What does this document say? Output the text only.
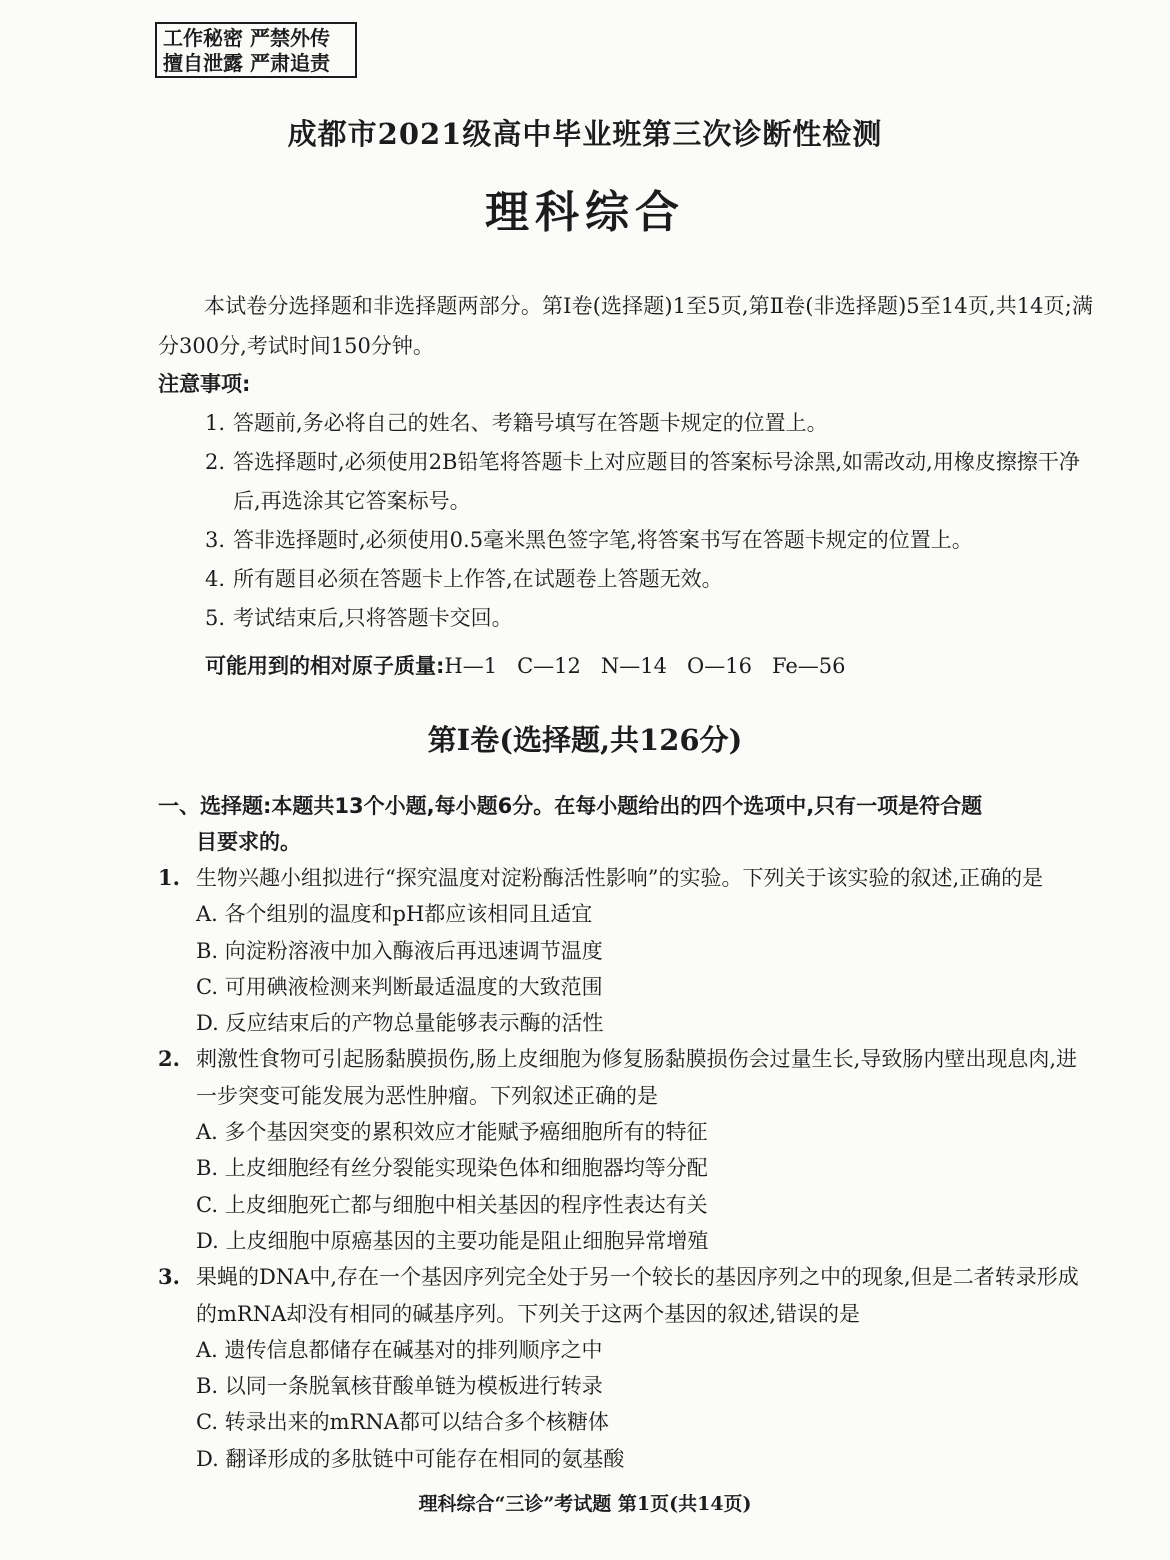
工作秘密 严禁外传
擅自泄露 严肃追责
成都市2021级高中毕业班第三次诊断性检测
理科综合
本试卷分选择题和非选择题两部分。第Ⅰ卷(选择题)1至5页,第Ⅱ卷(非选择题)5至14页,共14页;满分300分,考试时间150分钟。
注意事项:
1. 答题前,务必将自己的姓名、考籍号填写在答题卡规定的位置上。
2. 答选择题时,必须使用2B铅笔将答题卡上对应题目的答案标号涂黑,如需改动,用橡皮擦擦干净后,再选涂其它答案标号。
3. 答非选择题时,必须使用0.5毫米黑色签字笔,将答案书写在答题卡规定的位置上。
4. 所有题目必须在答题卡上作答,在试题卷上答题无效。
5. 考试结束后,只将答题卡交回。
可能用到的相对原子质量:H—1 C—12 N—14 O—16 Fe—56
第Ⅰ卷(选择题,共126分)
一、选择题:本题共13个小题,每小题6分。在每小题给出的四个选项中,只有一项是符合题
目要求的。
1. 生物兴趣小组拟进行“探究温度对淀粉酶活性影响”的实验。下列关于该实验的叙述,正确的是
A. 各个组别的温度和pH都应该相同且适宜
B. 向淀粉溶液中加入酶液后再迅速调节温度
C. 可用碘液检测来判断最适温度的大致范围
D. 反应结束后的产物总量能够表示酶的活性
2. 刺激性食物可引起肠黏膜损伤,肠上皮细胞为修复肠黏膜损伤会过量生长,导致肠内壁出现息肉,进一步突变可能发展为恶性肿瘤。下列叙述正确的是
A. 多个基因突变的累积效应才能赋予癌细胞所有的特征
B. 上皮细胞经有丝分裂能实现染色体和细胞器均等分配
C. 上皮细胞死亡都与细胞中相关基因的程序性表达有关
D. 上皮细胞中原癌基因的主要功能是阻止细胞异常增殖
3. 果蝇的DNA中,存在一个基因序列完全处于另一个较长的基因序列之中的现象,但是二者转录形成的mRNA却没有相同的碱基序列。下列关于这两个基因的叙述,错误的是
A. 遗传信息都储存在碱基对的排列顺序之中
B. 以同一条脱氧核苷酸单链为模板进行转录
C. 转录出来的mRNA都可以结合多个核糖体
D. 翻译形成的多肽链中可能存在相同的氨基酸
理科综合“三诊”考试题 第1页(共14页)
